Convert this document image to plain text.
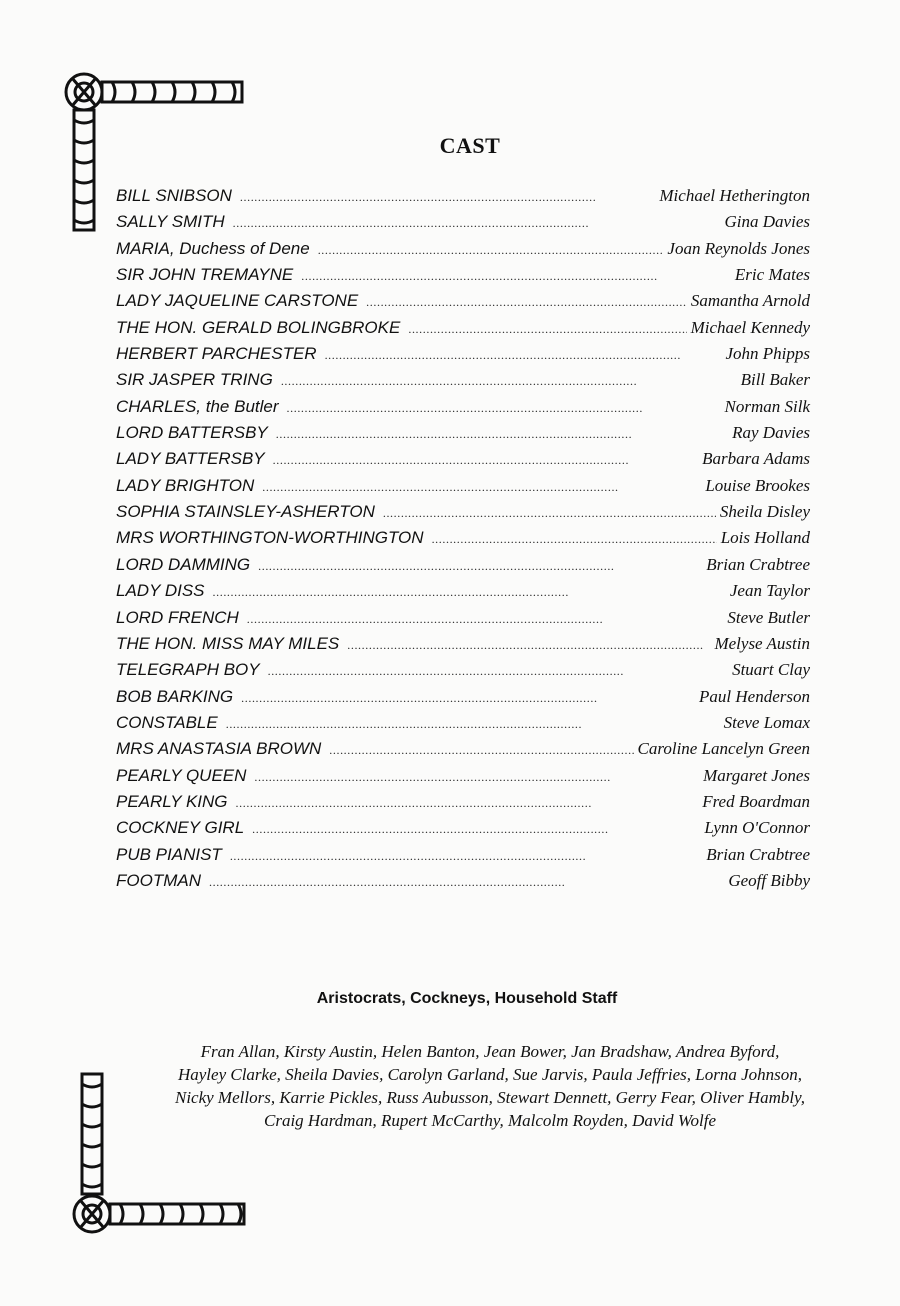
CAST
BILL SNIBSON . . .	Michael Hetherington
SALLY SMITH . . .	Gina Davies
MARIA, Duchess of Dene . . .	Joan Reynolds Jones
SIR JOHN TREMAYNE . . .	Eric Mates
LADY JAQUELINE CARSTONE . . .	Samantha Arnold
THE HON. GERALD BOLINGBROKE . . .	Michael Kennedy
HERBERT PARCHESTER . . .	John Phipps
SIR JASPER TRING . . .	Bill Baker
CHARLES, the Butler . . .	Norman Silk
LORD BATTERSBY . . .	Ray Davies
LADY BATTERSBY . . .	Barbara Adams
LADY BRIGHTON . . .	Louise Brookes
SOPHIA STAINSLEY-ASHERTON . . .	Sheila Disley
MRS WORTHINGTON-WORTHINGTON . . .	Lois Holland
LORD DAMMING . . .	Brian Crabtree
LADY DISS . . .	Jean Taylor
LORD FRENCH . . .	Steve Butler
THE HON. MISS MAY MILES . . .	Melyse Austin
TELEGRAPH BOY . . .	Stuart Clay
BOB BARKING . . .	Paul Henderson
CONSTABLE . . .	Steve Lomax
MRS ANASTASIA BROWN . . .	Caroline Lancelyn Green
PEARLY QUEEN . . .	Margaret Jones
PEARLY KING . . .	Fred Boardman
COCKNEY GIRL . . .	Lynn O'Connor
PUB PIANIST . . .	Brian Crabtree
FOOTMAN . . .	Geoff Bibby
Aristocrats, Cockneys, Household Staff
Fran Allan, Kirsty Austin, Helen Banton, Jean Bower, Jan Bradshaw, Andrea Byford,
Hayley Clarke, Sheila Davies, Carolyn Garland, Sue Jarvis, Paula Jeffries, Lorna Johnson,
Nicky Mellors, Karrie Pickles, Russ Aubusson, Stewart Dennett, Gerry Fear, Oliver Hambly,
Craig Hardman, Rupert McCarthy, Malcolm Royden, David Wolfe
